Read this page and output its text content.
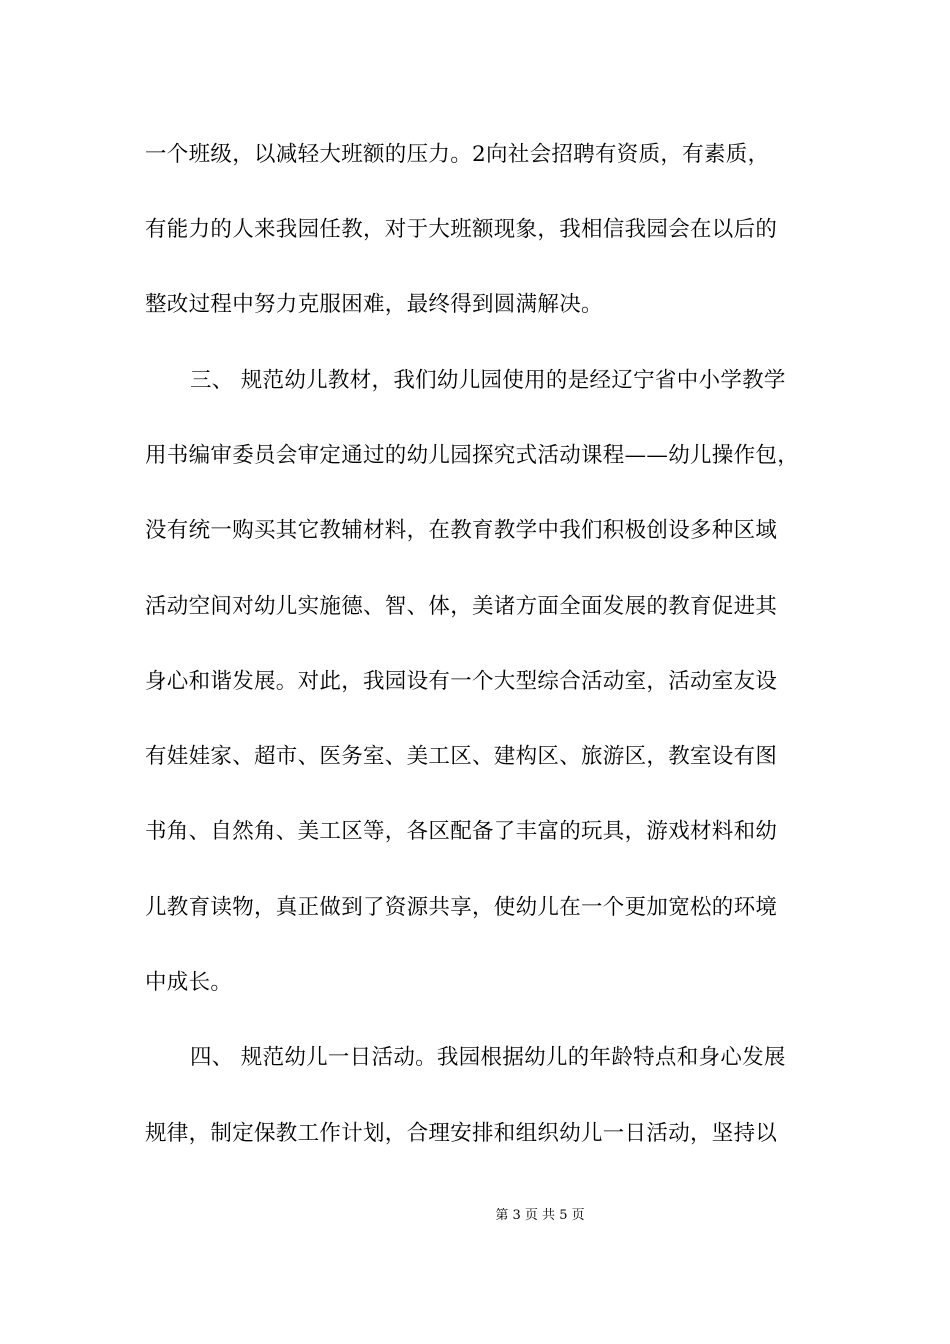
一个班级，以减轻大班额的压力。2向社会招聘有资质，有素质，
有能力的人来我园任教，对于大班额现象，我相信我园会在以后的
整改过程中努力克服困难，最终得到圆满解决。
三、 规范幼儿教材，我们幼儿园使用的是经辽宁省中小学教学
用书编审委员会审定通过的幼儿园探究式活动课程——幼儿操作包，
没有统一购买其它教辅材料，在教育教学中我们积极创设多种区域
活动空间对幼儿实施德、智、体，美诸方面全面发展的教育促进其
身心和谐发展。对此，我园设有一个大型综合活动室，活动室友设
有娃娃家、超市、医务室、美工区、建构区、旅游区，教室设有图
书角、自然角、美工区等，各区配备了丰富的玩具，游戏材料和幼
儿教育读物，真正做到了资源共享，使幼儿在一个更加宽松的环境
中成长。
四、 规范幼儿一日活动。我园根据幼儿的年龄特点和身心发展
规律，制定保教工作计划，合理安排和组织幼儿一日活动，坚持以
第 3 页 共 5 页
